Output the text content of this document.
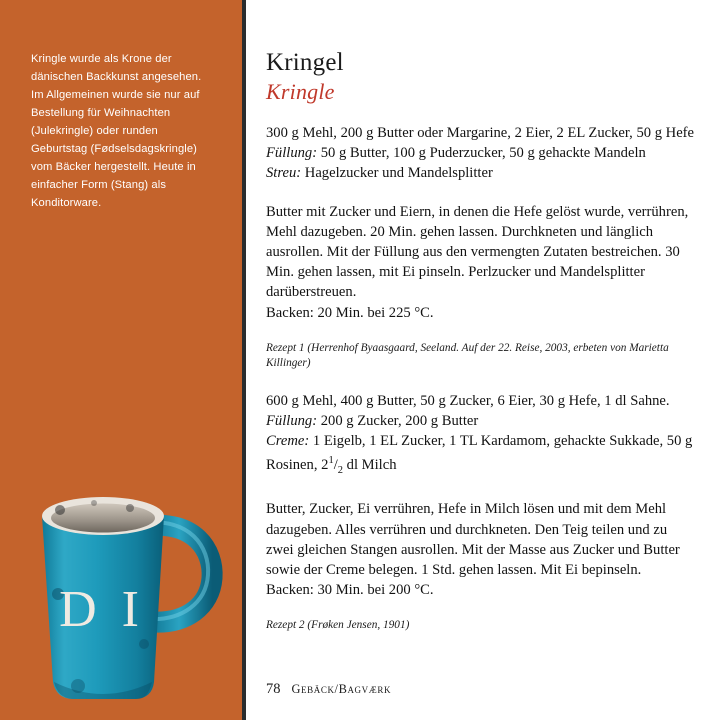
Kringle wurde als Krone der dänischen Backkunst angesehen. Im Allgemeinen wurde sie nur auf Bestellung für Weihnachten (Julekringle) oder runden Geburtstag (Fødselsdagskringle) vom Bäcker hergestellt. Heute in einfacher Form (Stang) als Konditorware.
D I
Kringel
Kringle
300 g Mehl, 200 g Butter oder Margarine, 2 Eier, 2 EL Zucker, 50 g Hefe
Füllung: 50 g Butter, 100 g Puderzucker, 50 g gehackte Mandeln
Streu: Hagelzucker und Mandelsplitter
Butter mit Zucker und Eiern, in denen die Hefe gelöst wurde, verrühren, Mehl dazugeben. 20 Min. gehen lassen. Durchkneten und länglich ausrollen. Mit der Füllung aus den vermengten Zutaten bestreichen. 30 Min. gehen lassen, mit Ei pinseln. Perlzucker und Mandelsplitter darüberstreuen.
Backen: 20 Min. bei 225 °C.
Rezept 1 (Herrenhof Byaasgaard, Seeland. Auf der 22. Reise, 2003, erbeten von Marietta Killinger)
600 g Mehl, 400 g Butter, 50 g Zucker, 6 Eier, 30 g Hefe, 1 dl Sahne.
Füllung: 200 g Zucker, 200 g Butter
Creme: 1 Eigelb, 1 EL Zucker, 1 TL Kardamom, gehackte Sukkade, 50 g Rosinen, $2^1/_2$ dl Milch
Butter, Zucker, Ei verrühren, Hefe in Milch lösen und mit dem Mehl dazugeben. Alles verrühren und durchkneten. Den Teig teilen und zu zwei gleichen Stangen ausrollen. Mit der Masse aus Zucker und Butter sowie der Creme belegen. 1 Std. gehen lassen. Mit Ei bepinseln.
Backen: 30 Min. bei 200 °C.
Rezept 2 (Frøken Jensen, 1901)
78 Gebäck/Bagværk
